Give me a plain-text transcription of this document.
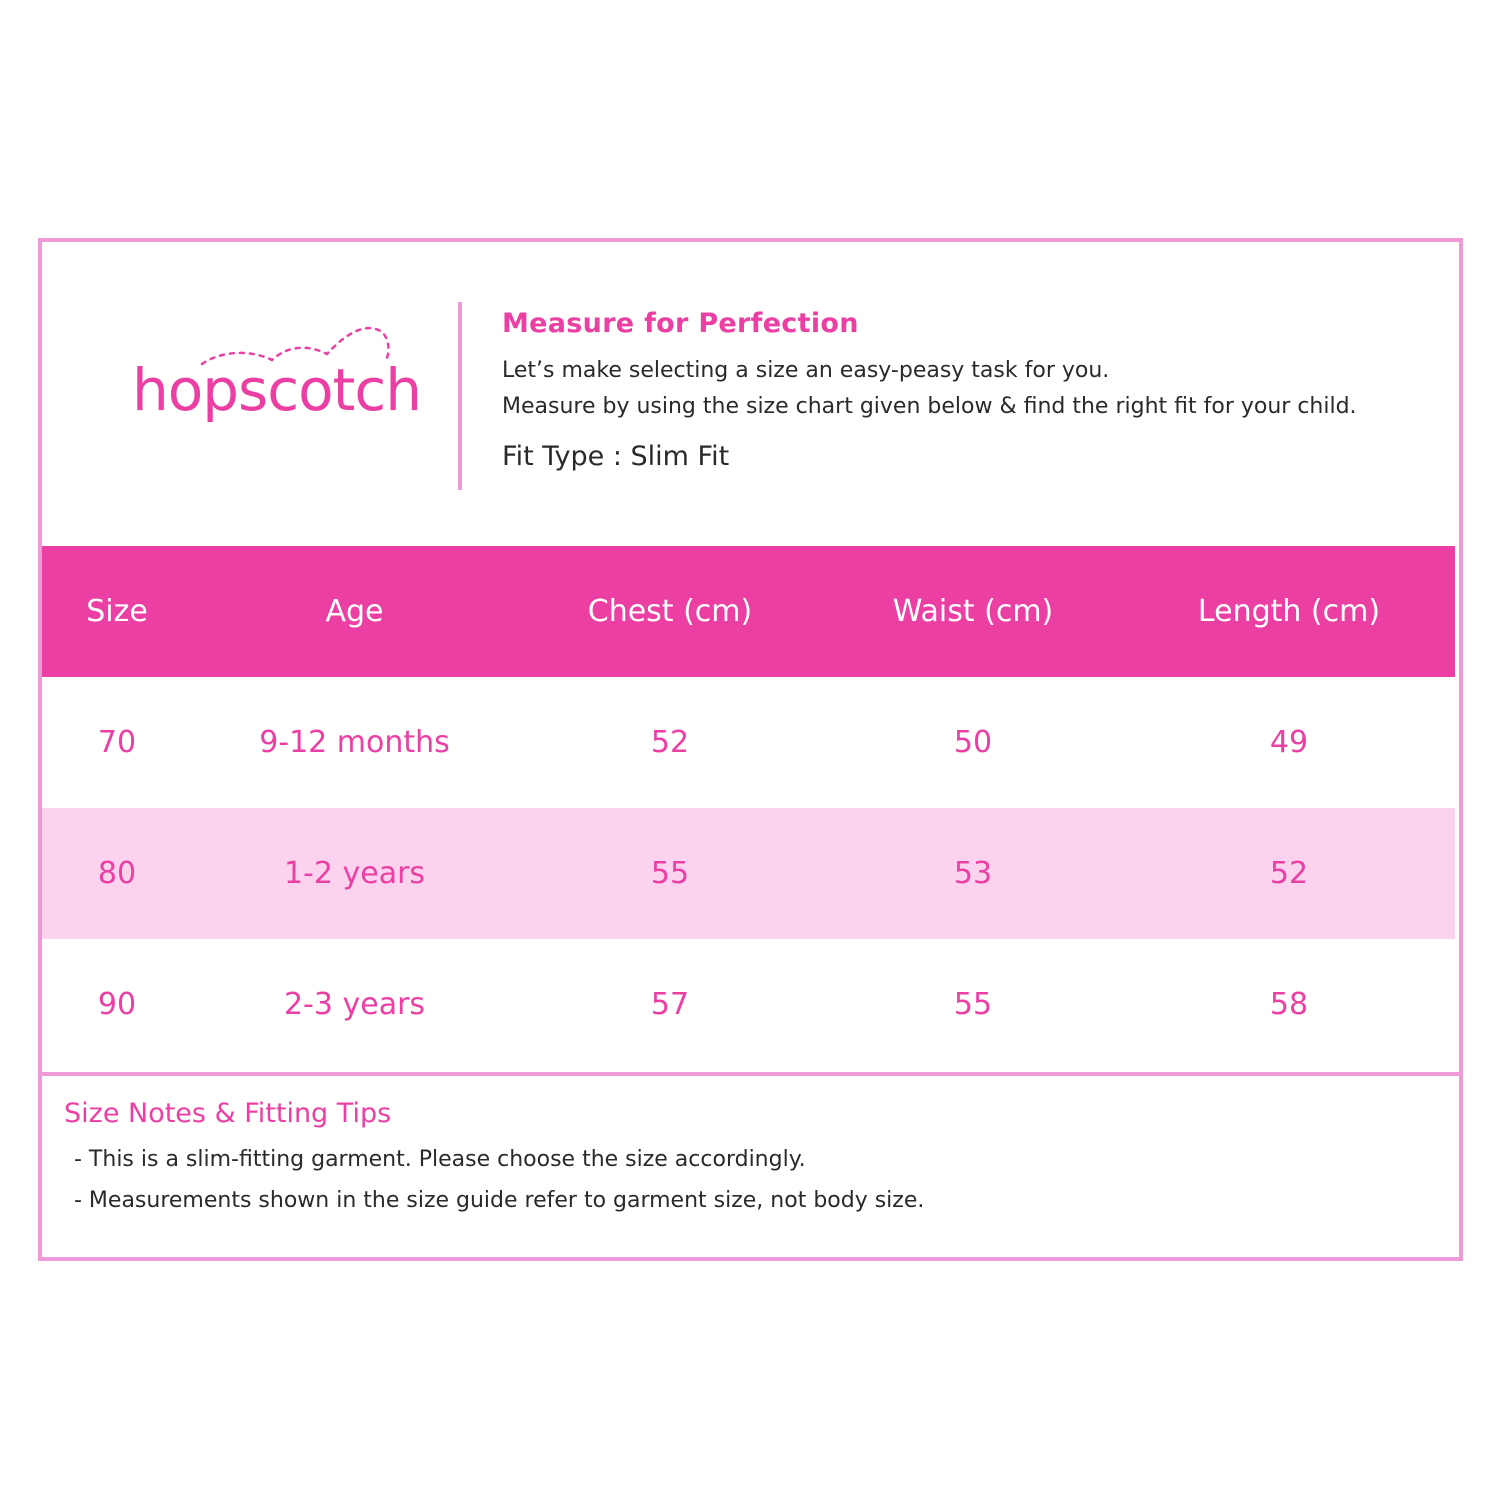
hopscotch
Measure for Perfection

Let’s make selecting a size an easy-peasy task for you.

Measure by using the size chart given below & find the right fit for your child.

Fit Type : Slim Fit
Size	Age	Chest (cm)	Waist (cm)	Length (cm)
70	9-12 months	52	50	49
80	1-2 years	55	53	52
90	2-3 years	57	55	58
Size Notes & Fitting Tips

- This is a slim-fitting garment. Please choose the size accordingly.

- Measurements shown in the size guide refer to garment size, not body size.
